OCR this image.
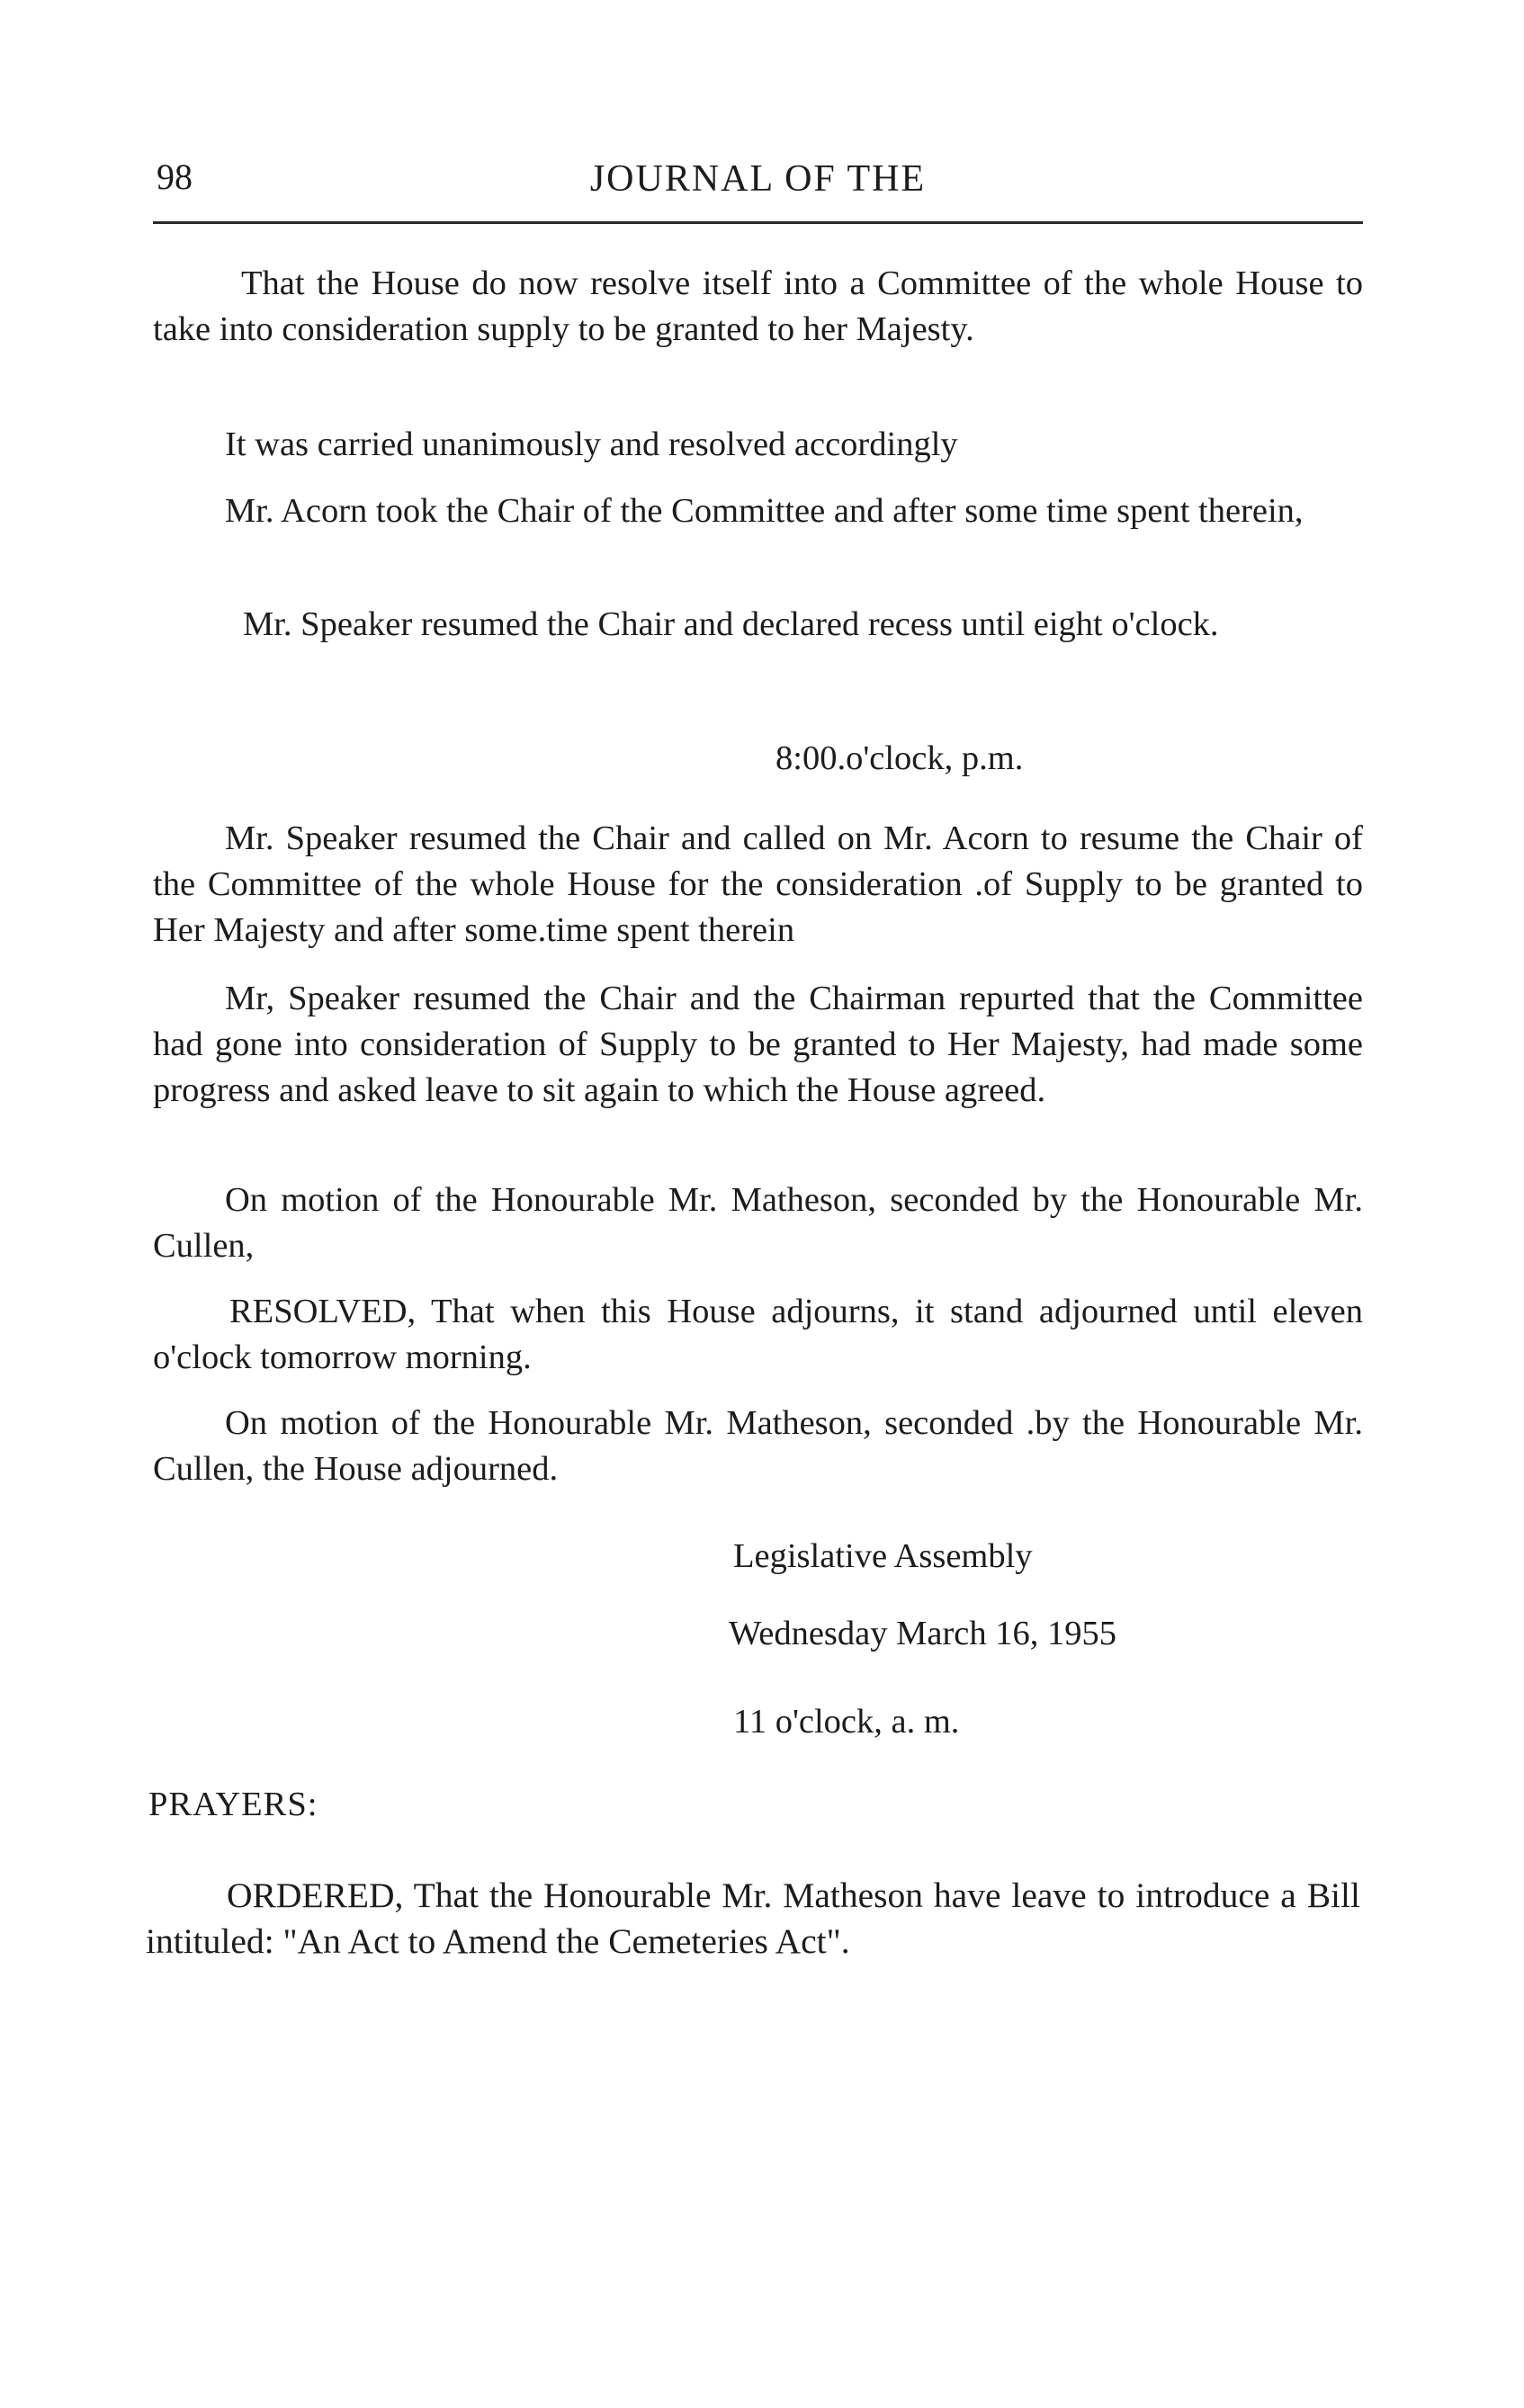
98	JOURNAL OF THE

That the House do now resolve itself into a Committee of the whole House to take into consideration supply to be granted to her Majesty.

It was carried unanimously and resolved accordingly

Mr. Acorn took the Chair of the Committee and after some time spent therein,

Mr. Speaker resumed the Chair and declared recess until eight o'clock.

8:00.o'clock, p.m.

Mr. Speaker resumed the Chair and called on Mr. Acorn to resume the Chair of the Committee of the whole House for the consideration .of Supply to be granted to Her Majesty and after some.time spent therein

Mr, Speaker resumed the Chair and the Chairman repurted that the Committee had gone into consideration of Supply to be granted to Her Majesty, had made some progress and asked leave to sit again to which the House agreed.

On motion of the Honourable Mr. Matheson, seconded by the Honourable Mr. Cullen,

RESOLVED, That when this House adjourns, it stand adjourned until eleven o'clock tomorrow morning.

On motion of the Honourable Mr. Matheson, seconded .by the Honourable Mr. Cullen, the House adjourned.

Legislative Assembly
Wednesday March 16, 1955
11 o'clock, a. m.
PRAYERS:

ORDERED, That the Honourable Mr. Matheson have leave to introduce a Bill intituled: "An Act to Amend the Cemeteries Act".
